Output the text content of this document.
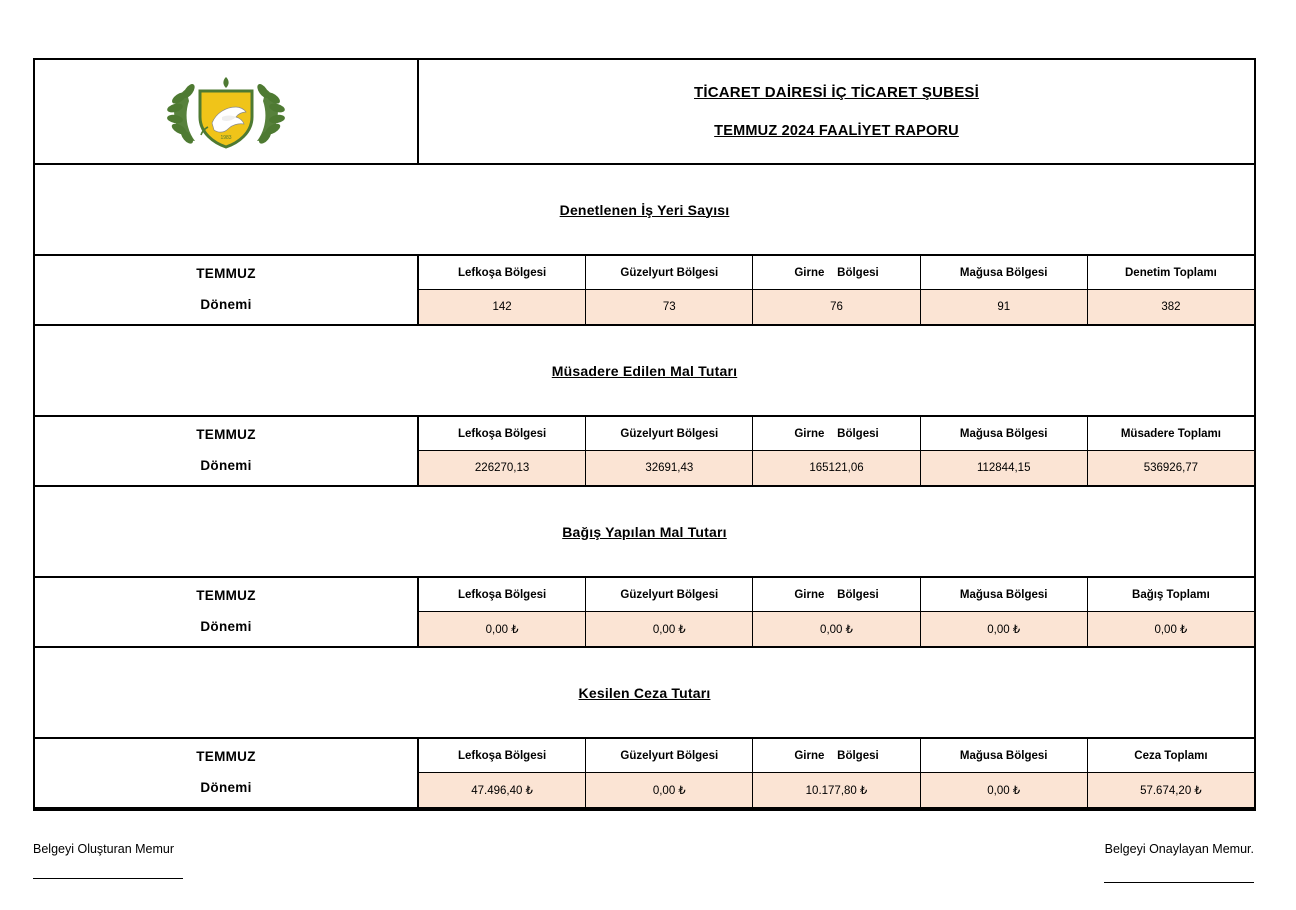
1983
TİCARET DAİRESİ İÇ TİCARET ŞUBESİ
TEMMUZ 2024 FAALİYET RAPORU
Denetlenen İş Yeri Sayısı
TEMMUZ
Dönemi
Lefkoşa Bölgesi
142
Güzelyurt Bölgesi
73
Girne    Bölgesi
76
Mağusa Bölgesi
91
Denetim Toplamı
382
Müsadere Edilen Mal Tutarı
TEMMUZ
Dönemi
Lefkoşa Bölgesi
226270,13
Güzelyurt Bölgesi
32691,43
Girne    Bölgesi
165121,06
Mağusa Bölgesi
112844,15
Müsadere Toplamı
536926,77
Bağış Yapılan Mal Tutarı
TEMMUZ
Dönemi
Lefkoşa Bölgesi
0,00 ₺
Güzelyurt Bölgesi
0,00 ₺
Girne    Bölgesi
0,00 ₺
Mağusa Bölgesi
0,00 ₺
Bağış Toplamı
0,00 ₺
Kesilen Ceza Tutarı
TEMMUZ
Dönemi
Lefkoşa Bölgesi
47.496,40 ₺
Güzelyurt Bölgesi
0,00 ₺
Girne    Bölgesi
10.177,80 ₺
Mağusa Bölgesi
0,00 ₺
Ceza Toplamı
57.674,20 ₺
Belgeyi Oluşturan Memur	Belgeyi Onaylayan Memur.
